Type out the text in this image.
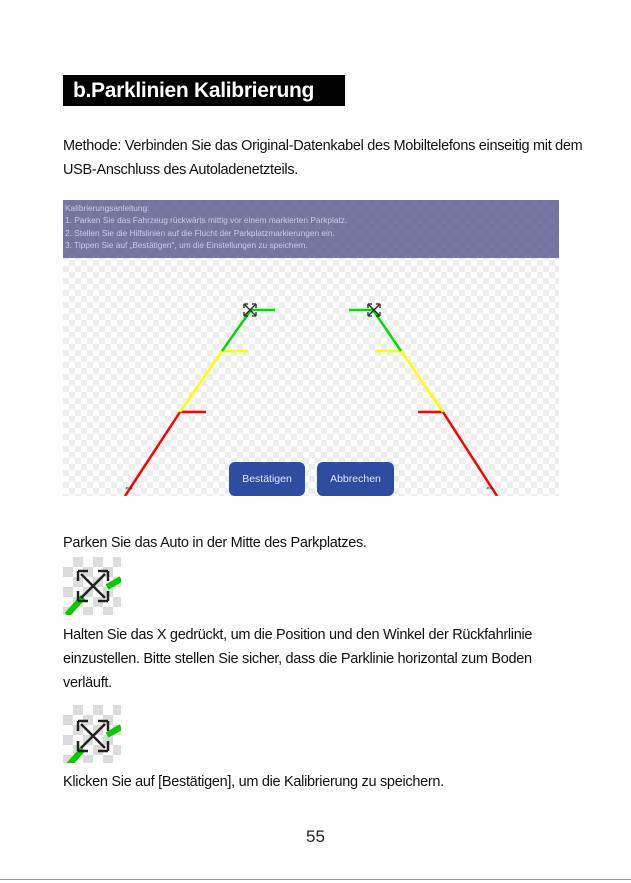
b.Parklinien Kalibrierung
Methode: Verbinden Sie das Original-Datenkabel des Mobiltelefons einseitig mit dem USB-Anschluss des Autoladenetzteils.
Kalibrierungsanleitung:
1. Parken Sie das Fahrzeug rückwärts mittig vor einem markierten Parkplatz.
2. Stellen Sie die Hilfslinien auf die Flucht der Parkplatzmarkierungen ein.
3. Tippen Sie auf „Bestätigen", um die Einstellungen zu speichern.
⇔	⇔
Bestätigen	Abbrechen
Parken Sie das Auto in der Mitte des Parkplatzes.
Halten Sie das X gedrückt, um die Position und den Winkel der Rückfahrlinie einzustellen. Bitte stellen Sie sicher, dass die Parklinie horizontal zum Boden verläuft.
Klicken Sie auf [Bestätigen], um die Kalibrierung zu speichern.
55
